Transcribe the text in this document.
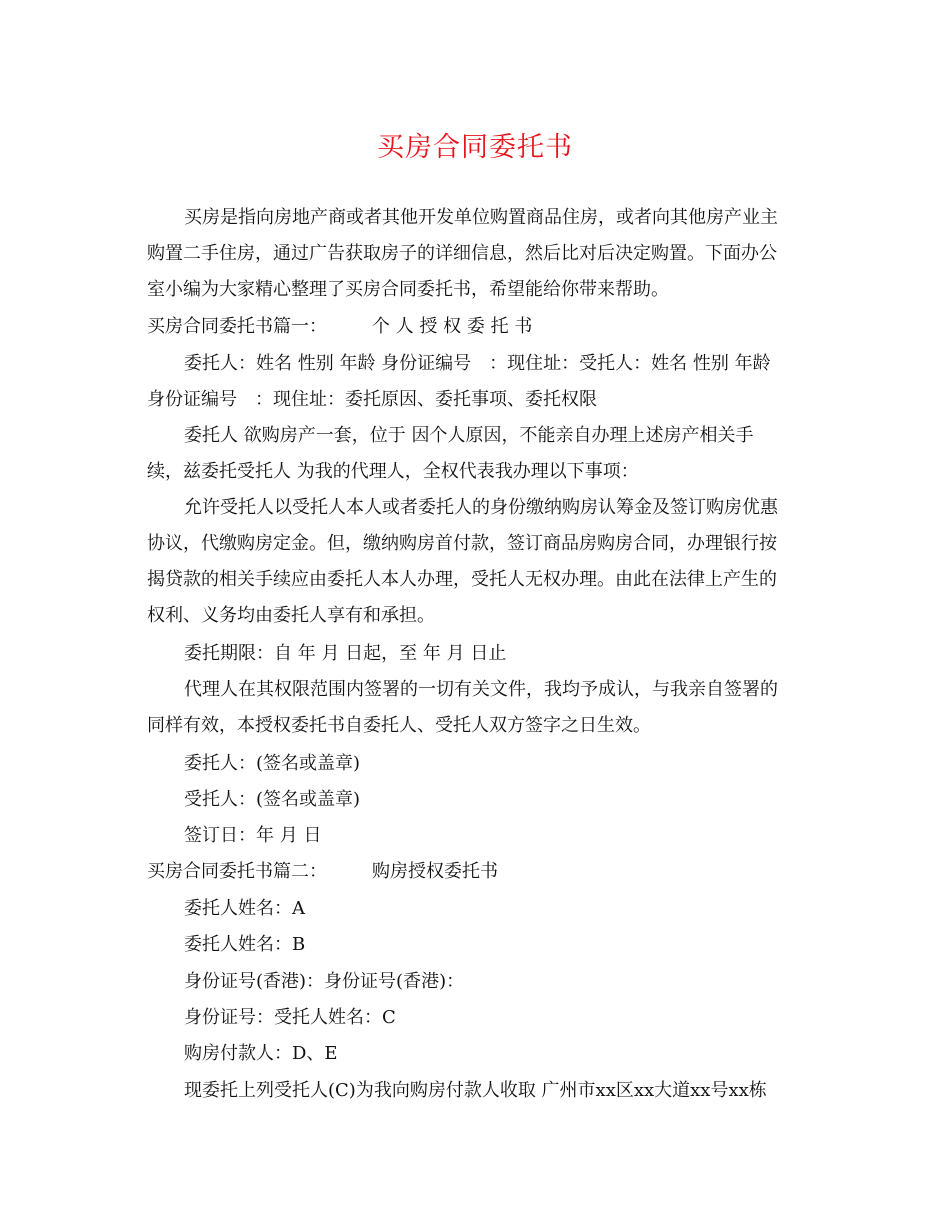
买房合同委托书
买房是指向房地产商或者其他开发单位购置商品住房，或者向其他房产业主
购置二手住房，通过广告获取房子的详细信息，然后比对后决定购置。下面办公
室小编为大家精心整理了买房合同委托书，希望能给你带来帮助。
买房合同委托书篇一：　　　个 人 授 权 委 托 书
委托人：姓名 性别 年龄 身份证编号　：现住址：受托人：姓名 性别 年龄
身份证编号　：现住址：委托原因、委托事项、委托权限
委托人 欲购房产一套，位于 因个人原因，不能亲自办理上述房产相关手
续，兹委托受托人 为我的代理人，全权代表我办理以下事项：
允许受托人以受托人本人或者委托人的身份缴纳购房认筹金及签订购房优惠
协议，代缴购房定金。但，缴纳购房首付款，签订商品房购房合同，办理银行按
揭贷款的相关手续应由委托人本人办理，受托人无权办理。由此在法律上产生的
权利、义务均由委托人享有和承担。
委托期限：自 年 月 日起，至 年 月 日止
代理人在其权限范围内签署的一切有关文件，我均予成认，与我亲自签署的
同样有效，本授权委托书自委托人、受托人双方签字之日生效。
委托人：(签名或盖章)
受托人：(签名或盖章)
签订日：年 月 日
买房合同委托书篇二：　　　购房授权委托书
委托人姓名：A
委托人姓名：B
身份证号(香港)：身份证号(香港)：
身份证号：受托人姓名：C
购房付款人：D、E
现委托上列受托人(C)为我向购房付款人收取 广州市xx区xx大道xx号xx栋
